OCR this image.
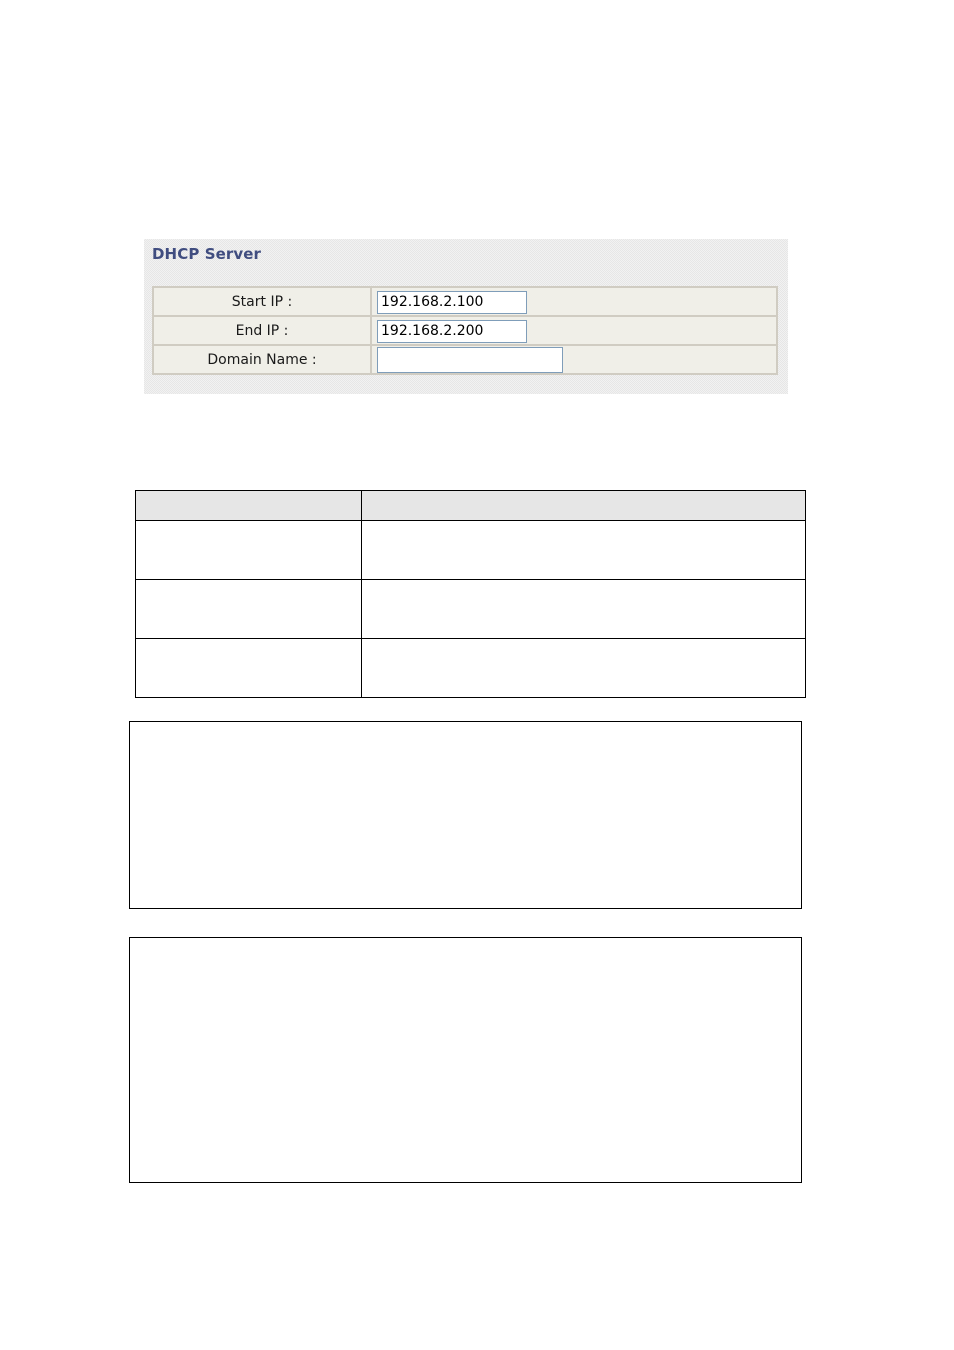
DHCP Server
Start IP :	
192.168.2.100
End IP :	
192.168.2.200
Domain Name :	
